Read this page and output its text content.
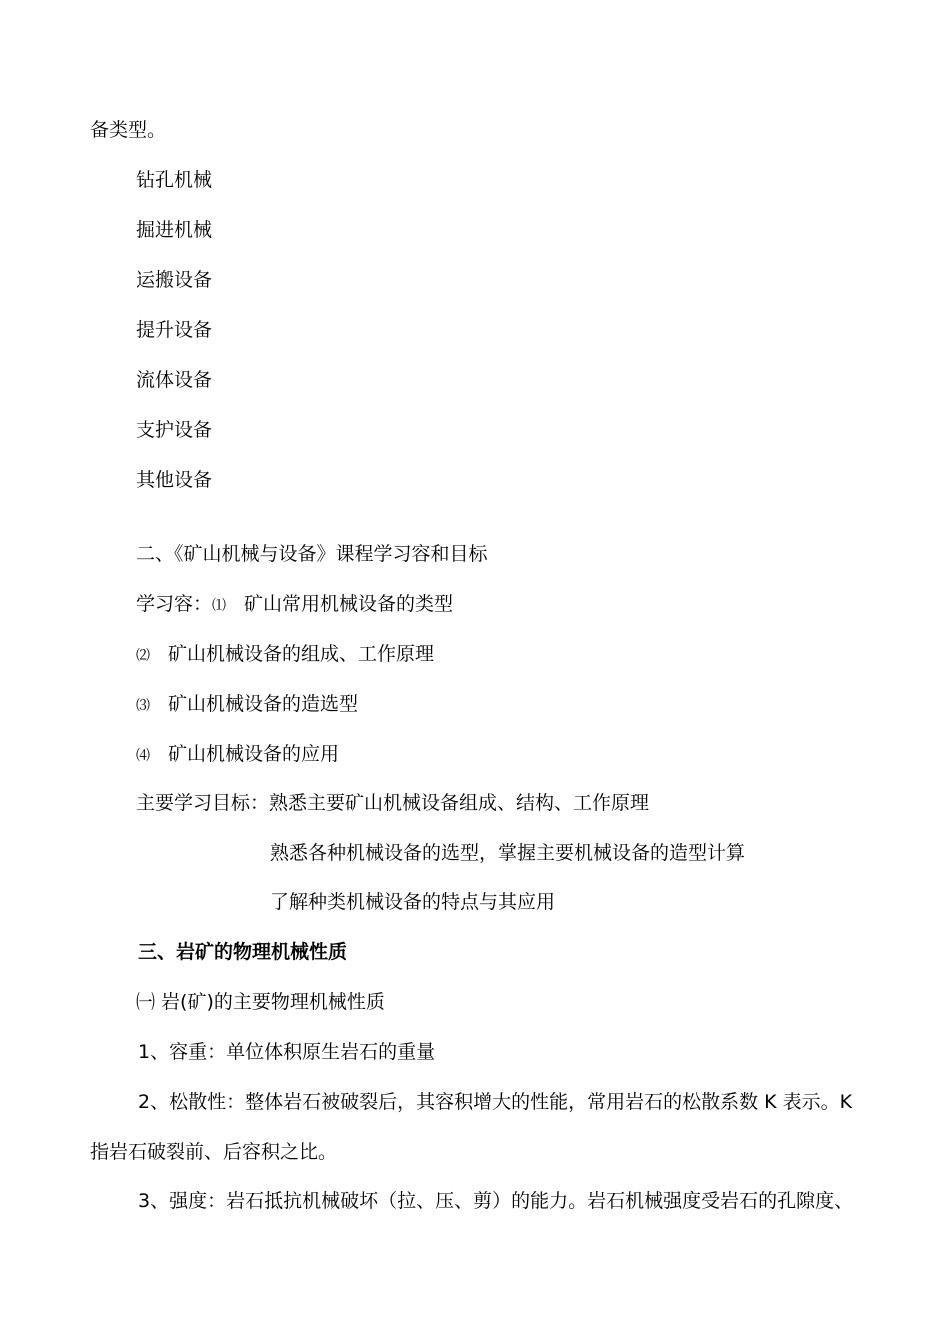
备类型。
钻孔机械
掘进机械
运搬设备
提升设备
流体设备
支护设备
其他设备
二、《矿山机械与设备》课程学习容和目标
学习容：⑴ 矿山常用机械设备的类型
⑵ 矿山机械设备的组成、工作原理
⑶ 矿山机械设备的造选型
⑷ 矿山机械设备的应用
主要学习目标：熟悉主要矿山机械设备组成、结构、工作原理
熟悉各种机械设备的选型，掌握主要机械设备的造型计算
了解种类机械设备的特点与其应用
三、岩矿的物理机械性质
㈠ 岩(矿)的主要物理机械性质
1、容重：单位体积原生岩石的重量
2、松散性：整体岩石被破裂后，其容积增大的性能，常用岩石的松散系数 K 表示。K
指岩石破裂前、后容积之比。
3、强度：岩石抵抗机械破坏（拉、压、剪）的能力。岩石机械强度受岩石的孔隙度、
